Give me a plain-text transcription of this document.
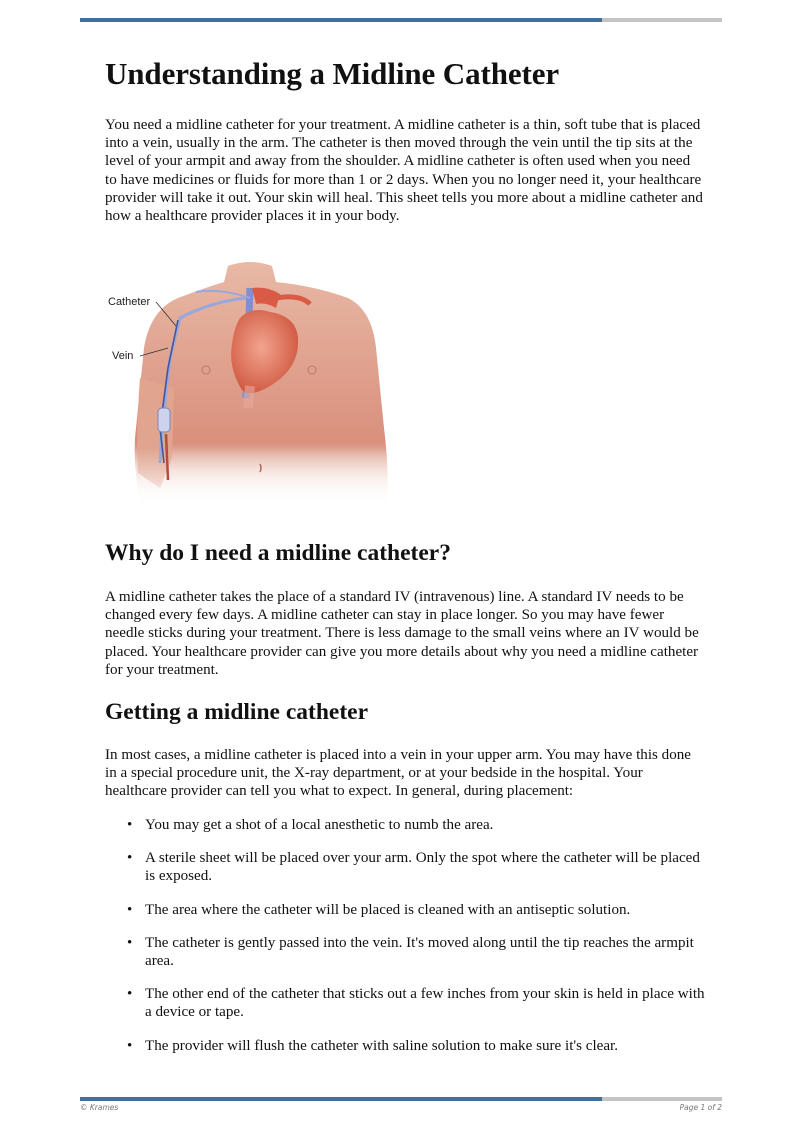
Understanding a Midline Catheter

You need a midline catheter for your treatment. A midline catheter is a thin, soft tube that is placed into a vein, usually in the arm. The catheter is then moved through the vein until the tip sits at the level of your armpit and away from the shoulder. A midline catheter is often used when you need to have medicines or fluids for more than 1 or 2 days. When you no longer need it, your healthcare provider will take it out. Your skin will heal. This sheet tells you more about a midline catheter and how a healthcare provider places it in your body.

Catheter
Vein
Why do I need a midline catheter?

A midline catheter takes the place of a standard IV (intravenous) line. A standard IV needs to be changed every few days. A midline catheter can stay in place longer. So you may have fewer needle sticks during your treatment. There is less damage to the small veins where an IV would be placed. Your healthcare provider can give you more details about why you need a midline catheter for your treatment.

Getting a midline catheter

In most cases, a midline catheter is placed into a vein in your upper arm. You may have this done in a special procedure unit, the X-ray department, or at your bedside in the hospital. Your healthcare provider can tell you what to expect. In general, during placement:

• You may get a shot of a local anesthetic to numb the area.
• A sterile sheet will be placed over your arm. Only the spot where the catheter will be placed is exposed.
• The area where the catheter will be placed is cleaned with an antiseptic solution.
• The catheter is gently passed into the vein. It's moved along until the tip reaches the armpit area.
• The other end of the catheter that sticks out a few inches from your skin is held in place with a device or tape.
• The provider will flush the catheter with saline solution to make sure it's clear.
© Krames	Page 1 of 2
